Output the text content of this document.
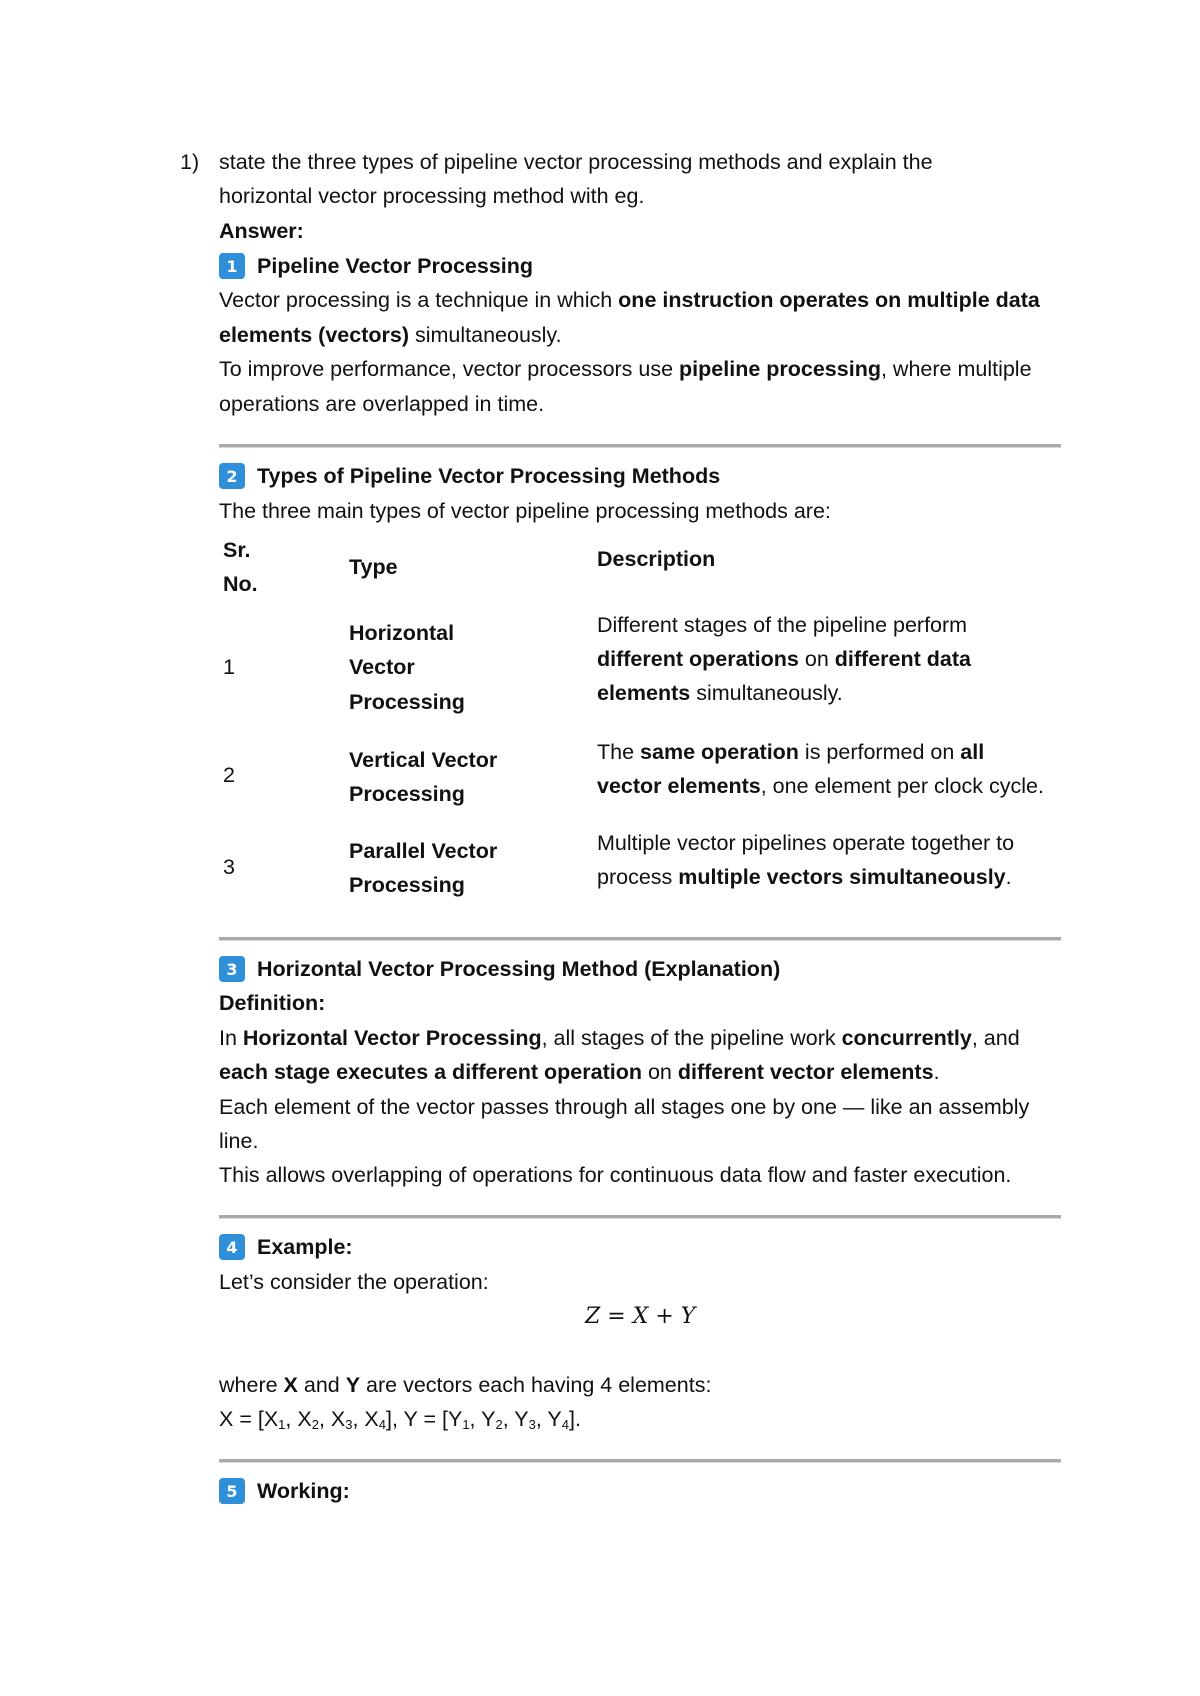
1) state the three types of pipeline vector processing methods and explain the
horizontal vector processing method with eg.
Answer:
1 Pipeline Vector Processing
Vector processing is a technique in which one instruction operates on multiple data
elements (vectors) simultaneously.
To improve performance, vector processors use pipeline processing, where multiple
operations are overlapped in time.
2 Types of Pipeline Vector Processing Methods
The three main types of vector pipeline processing methods are:
Sr.
No.
Type	Description
1
Horizontal
Vector
Processing
Different stages of the pipeline perform
different operations on different data
elements simultaneously.
2
Vertical Vector
Processing
The same operation is performed on all
vector elements, one element per clock cycle.
3
Parallel Vector
Processing
Multiple vector pipelines operate together to
process multiple vectors simultaneously.
3 Horizontal Vector Processing Method (Explanation)
Definition:
In Horizontal Vector Processing, all stages of the pipeline work concurrently, and
each stage executes a different operation on different vector elements.
Each element of the vector passes through all stages one by one — like an assembly
line.
This allows overlapping of operations for continuous data flow and faster execution.
4 Example:
Let’s consider the operation:
Z = X + Y
where X and Y are vectors each having 4 elements:
$X = [X_1$, $X_2$, $X_3$, $X_4$], $Y = [Y_1$, $Y_2$, $Y_3$, $Y_4$].
5 Working:
